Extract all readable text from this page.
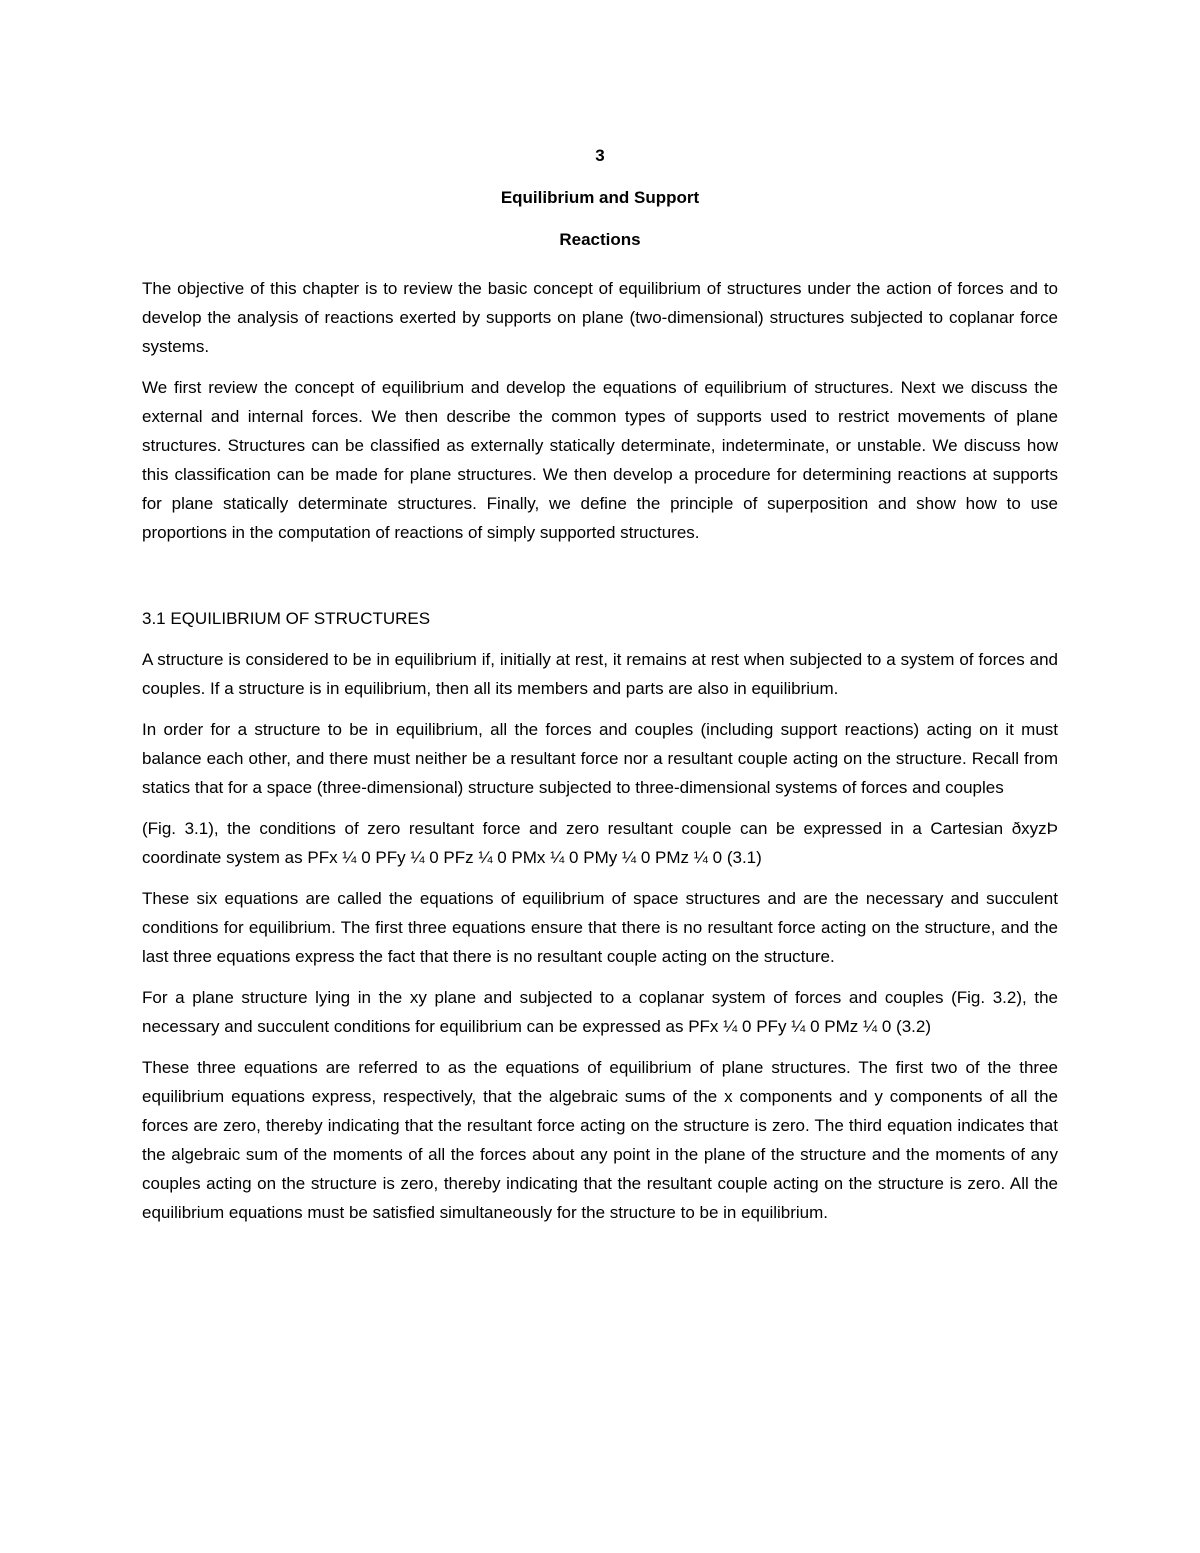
3
Equilibrium and Support
Reactions

The objective of this chapter is to review the basic concept of equilibrium of structures under the action of forces and to develop the analysis of reactions exerted by supports on plane (two-dimensional) structures subjected to coplanar force systems.

We first review the concept of equilibrium and develop the equations of equilibrium of structures. Next we discuss the external and internal forces. We then describe the common types of supports used to restrict movements of plane structures. Structures can be classified as externally statically determinate, indeterminate, or unstable. We discuss how this classification can be made for plane structures. We then develop a procedure for determining reactions at supports for plane statically determinate structures. Finally, we define the principle of superposition and show how to use proportions in the computation of reactions of simply supported structures.

3.1 EQUILIBRIUM OF STRUCTURES

A structure is considered to be in equilibrium if, initially at rest, it remains at rest when subjected to a system of forces and couples. If a structure is in equilibrium, then all its members and parts are also in equilibrium.

In order for a structure to be in equilibrium, all the forces and couples (including support reactions) acting on it must balance each other, and there must neither be a resultant force nor a resultant couple acting on the structure. Recall from statics that for a space (three-dimensional) structure subjected to three-dimensional systems of forces and couples

(Fig. 3.1), the conditions of zero resultant force and zero resultant couple can be expressed in a Cartesian ðxyzÞ coordinate system as PFx ¼ 0 PFy ¼ 0 PFz ¼ 0 PMx ¼ 0 PMy ¼ 0 PMz ¼ 0 (3.1)

These six equations are called the equations of equilibrium of space structures and are the necessary and succulent conditions for equilibrium. The first three equations ensure that there is no resultant force acting on the structure, and the last three equations express the fact that there is no resultant couple acting on the structure.

For a plane structure lying in the xy plane and subjected to a coplanar system of forces and couples (Fig. 3.2), the necessary and succulent conditions for equilibrium can be expressed as PFx ¼ 0 PFy ¼ 0 PMz ¼ 0 (3.2)

These three equations are referred to as the equations of equilibrium of plane structures. The first two of the three equilibrium equations express, respectively, that the algebraic sums of the x components and y components of all the forces are zero, thereby indicating that the resultant force acting on the structure is zero. The third equation indicates that the algebraic sum of the moments of all the forces about any point in the plane of the structure and the moments of any couples acting on the structure is zero, thereby indicating that the resultant couple acting on the structure is zero. All the equilibrium equations must be satisfied simultaneously for the structure to be in equilibrium.
